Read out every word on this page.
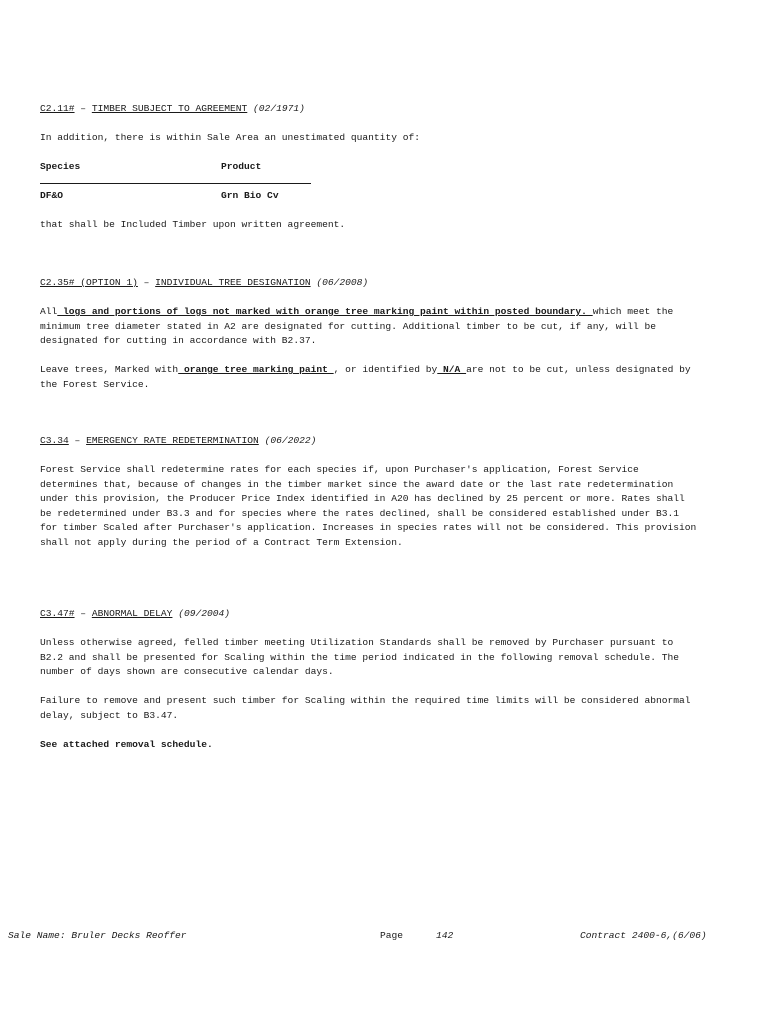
C2.11# – TIMBER SUBJECT TO AGREEMENT (02/1971)
In addition, there is within Sale Area an unestimated quantity of:
Species	Product
DF&O	Grn Bio Cv
that shall be Included Timber upon written agreement.
C2.35# (OPTION 1) – INDIVIDUAL TREE DESIGNATION (06/2008)
All logs and portions of logs not marked with orange tree marking paint within posted boundary. which meet the minimum tree diameter stated in A2 are designated for cutting. Additional timber to be cut, if any, will be designated for cutting in accordance with B2.37.
Leave trees, Marked with orange tree marking paint , or identified by N/A are not to be cut, unless designated by the Forest Service.
C3.34 – EMERGENCY RATE REDETERMINATION (06/2022)
Forest Service shall redetermine rates for each species if, upon Purchaser's application, Forest Service determines that, because of changes in the timber market since the award date or the last rate redetermination under this provision, the Producer Price Index identified in A20 has declined by 25 percent or more. Rates shall be redetermined under B3.3 and for species where the rates declined, shall be considered established under B3.1 for timber Scaled after Purchaser's application. Increases in species rates will not be considered. This provision shall not apply during the period of a Contract Term Extension.
C3.47# – ABNORMAL DELAY (09/2004)
Unless otherwise agreed, felled timber meeting Utilization Standards shall be removed by Purchaser pursuant to B2.2 and shall be presented for Scaling within the time period indicated in the following removal schedule. The number of days shown are consecutive calendar days.
Failure to remove and present such timber for Scaling within the required time limits will be considered abnormal delay, subject to B3.47.
See attached removal schedule.
Sale Name: Bruler Decks Reoffer	Page	142	Contract 2400-6,(6/06)
